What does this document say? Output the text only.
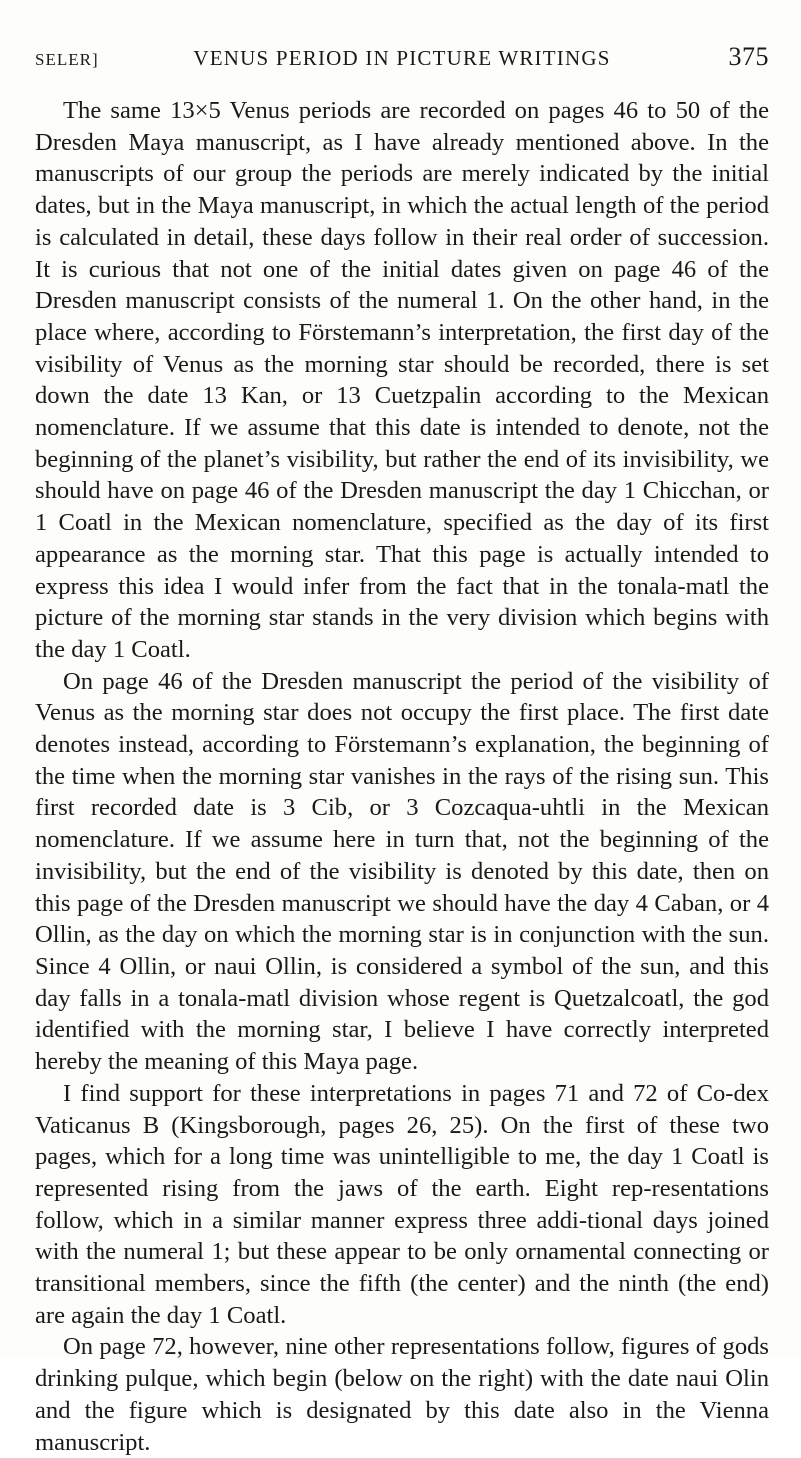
SELER]	VENUS PERIOD IN PICTURE WRITINGS	375

The same 13×5 Venus periods are recorded on pages 46 to 50 of the Dresden Maya manuscript, as I have already mentioned above. In the manuscripts of our group the periods are merely indicated by the initial dates, but in the Maya manuscript, in which the actual length of the period is calculated in detail, these days follow in their real order of succession. It is curious that not one of the initial dates given on page 46 of the Dresden manuscript consists of the numeral 1. On the other hand, in the place where, according to Förstemann’s interpretation, the first day of the visibility of Venus as the morning star should be recorded, there is set down the date 13 Kan, or 13 Cuetzpalin according to the Mexican nomenclature. If we assume that this date is intended to denote, not the beginning of the planet’s visibility, but rather the end of its invisibility, we should have on page 46 of the Dresden manuscript the day 1 Chicchan, or 1 Coatl in the Mexican nomenclature, specified as the day of its first appearance as the morning star. That this page is actually intended to express this idea I would infer from the fact that in the tonala-matl the picture of the morning star stands in the very division which begins with the day 1 Coatl.

On page 46 of the Dresden manuscript the period of the visibility of Venus as the morning star does not occupy the first place. The first date denotes instead, according to Förstemann’s explanation, the beginning of the time when the morning star vanishes in the rays of the rising sun. This first recorded date is 3 Cib, or 3 Cozcaqua-uhtli in the Mexican nomenclature. If we assume here in turn that, not the beginning of the invisibility, but the end of the visibility is denoted by this date, then on this page of the Dresden manuscript we should have the day 4 Caban, or 4 Ollin, as the day on which the morning star is in conjunction with the sun. Since 4 Ollin, or naui Ollin, is considered a symbol of the sun, and this day falls in a tonala-matl division whose regent is Quetzalcoatl, the god identified with the morning star, I believe I have correctly interpreted hereby the meaning of this Maya page.

I find support for these interpretations in pages 71 and 72 of Co-dex Vaticanus B (Kingsborough, pages 26, 25). On the first of these two pages, which for a long time was unintelligible to me, the day 1 Coatl is represented rising from the jaws of the earth. Eight rep-resentations follow, which in a similar manner express three addi-tional days joined with the numeral 1; but these appear to be only ornamental connecting or transitional members, since the fifth (the center) and the ninth (the end) are again the day 1 Coatl.

On page 72, however, nine other representations follow, figures of gods drinking pulque, which begin (below on the right) with the date naui Olin and the figure which is designated by this date also in the Vienna manuscript.
